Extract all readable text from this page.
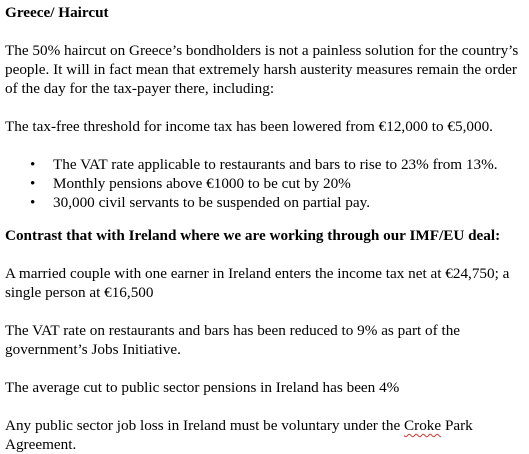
Greece/ Haircut

The 50% haircut on Greece’s bondholders is not a painless solution for the country’s people. It will in fact mean that extremely harsh austerity measures remain the order of the day for the tax-payer there, including:

The tax-free threshold for income tax has been lowered from €12,000 to €5,000.

• The VAT rate applicable to restaurants and bars to rise to 23% from 13%.
• Monthly pensions above €1000 to be cut by 20%
• 30,000 civil servants to be suspended on partial pay.

Contrast that with Ireland where we are working through our IMF/EU deal:

A married couple with one earner in Ireland enters the income tax net at €24,750; a single person at €16,500

The VAT rate on restaurants and bars has been reduced to 9% as part of the government’s Jobs Initiative.

The average cut to public sector pensions in Ireland has been 4%

Any public sector job loss in Ireland must be voluntary under the Croke Park Agreement.
